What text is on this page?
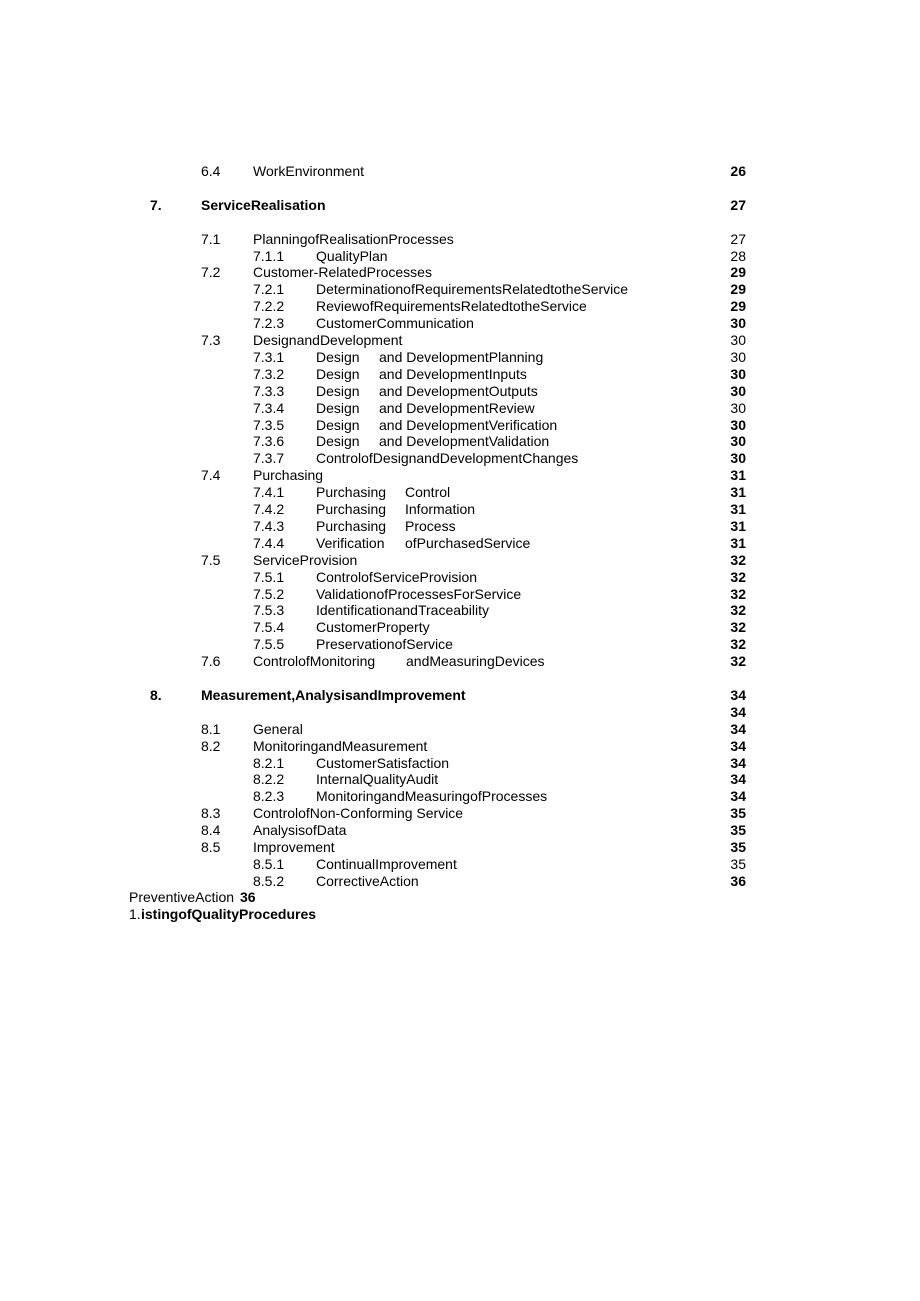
6.4 WorkEnvironment	26
7.	ServiceRealisation	27
7.1 PlanningofRealisationProcesses	27
7.1.1 QualityPlan	28
7.2 Customer-RelatedProcesses	29
7.2.1 DeterminationofRequirementsRelatedtotheService	29
7.2.2 ReviewofRequirementsRelatedtotheService	29
7.2.3 CustomerCommunication	30
7.3 DesignandDevelopment	30
7.3.1 Design and DevelopmentPlanning	30
7.3.2 Design and DevelopmentInputs	30
7.3.3 Design and DevelopmentOutputs	30
7.3.4 Design and DevelopmentReview	30
7.3.5 Design and DevelopmentVerification	30
7.3.6 Design and DevelopmentValidation	30
7.3.7 ControlofDesignandDevelopmentChanges	30
7.4 Purchasing	31
7.4.1 Purchasing Control	31
7.4.2 Purchasing Information	31
7.4.3 Purchasing Process	31
7.4.4 Verification ofPurchasedService	31
7.5 ServiceProvision	32
7.5.1 ControlofServiceProvision	32
7.5.2 ValidationofProcessesForService	32
7.5.3 IdentificationandTraceability	32
7.5.4 CustomerProperty	32
7.5.5 PreservationofService	32
7.6 ControlofMonitoring andMeasuringDevices	32
8.	Measurement,AnalysisandImprovement	34
34
8.1 General	34
8.2 MonitoringandMeasurement	34
8.2.1 CustomerSatisfaction	34
8.2.2 InternalQualityAudit	34
8.2.3 MonitoringandMeasuringofProcesses	34
8.3 ControlofNon-Conforming Service	35
8.4 AnalysisofData	35
8.5 Improvement	35
8.5.1 ContinualImprovement	35
8.5.2 CorrectiveAction	36
PreventiveAction 36
1. istingofQualityProcedures
